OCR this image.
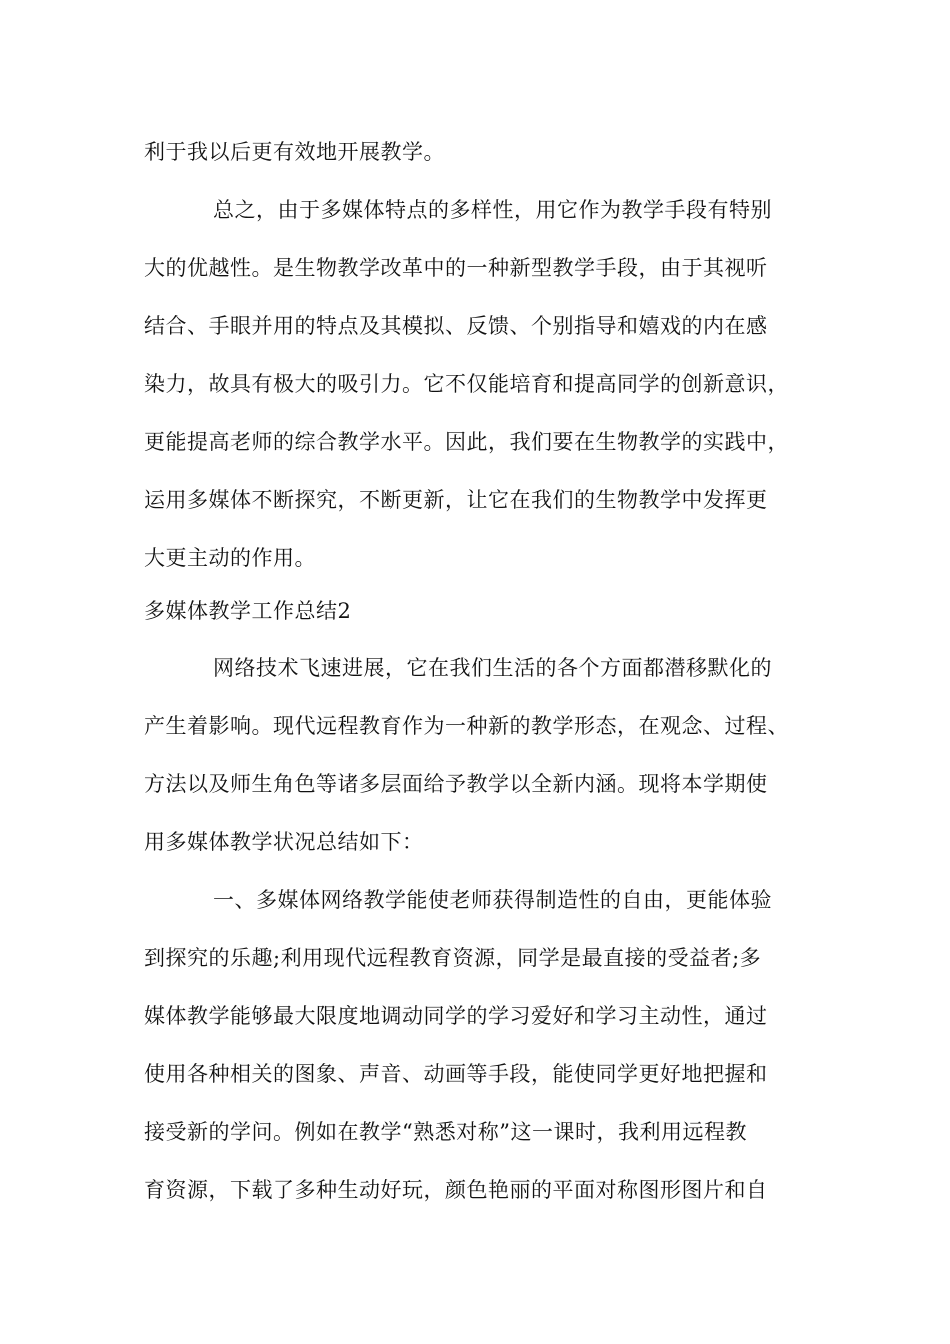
利于我以后更有效地开展教学。
总之，由于多媒体特点的多样性，用它作为教学手段有特别
大的优越性。是生物教学改革中的一种新型教学手段，由于其视听
结合、手眼并用的特点及其模拟、反馈、个别指导和嬉戏的内在感
染力，故具有极大的吸引力。它不仅能培育和提高同学的创新意识，
更能提高老师的综合教学水平。因此，我们要在生物教学的实践中，
运用多媒体不断探究，不断更新，让它在我们的生物教学中发挥更
大更主动的作用。
多媒体教学工作总结2
网络技术飞速进展，它在我们生活的各个方面都潜移默化的
产生着影响。现代远程教育作为一种新的教学形态，在观念、过程、
方法以及师生角色等诸多层面给予教学以全新内涵。现将本学期使
用多媒体教学状况总结如下：
一、多媒体网络教学能使老师获得制造性的自由，更能体验
到探究的乐趣;利用现代远程教育资源，同学是最直接的受益者;多
媒体教学能够最大限度地调动同学的学习爱好和学习主动性，通过
使用各种相关的图象、声音、动画等手段，能使同学更好地把握和
接受新的学问。例如在教学“熟悉对称”这一课时，我利用远程教
育资源，下载了多种生动好玩，颜色艳丽的平面对称图形图片和自
